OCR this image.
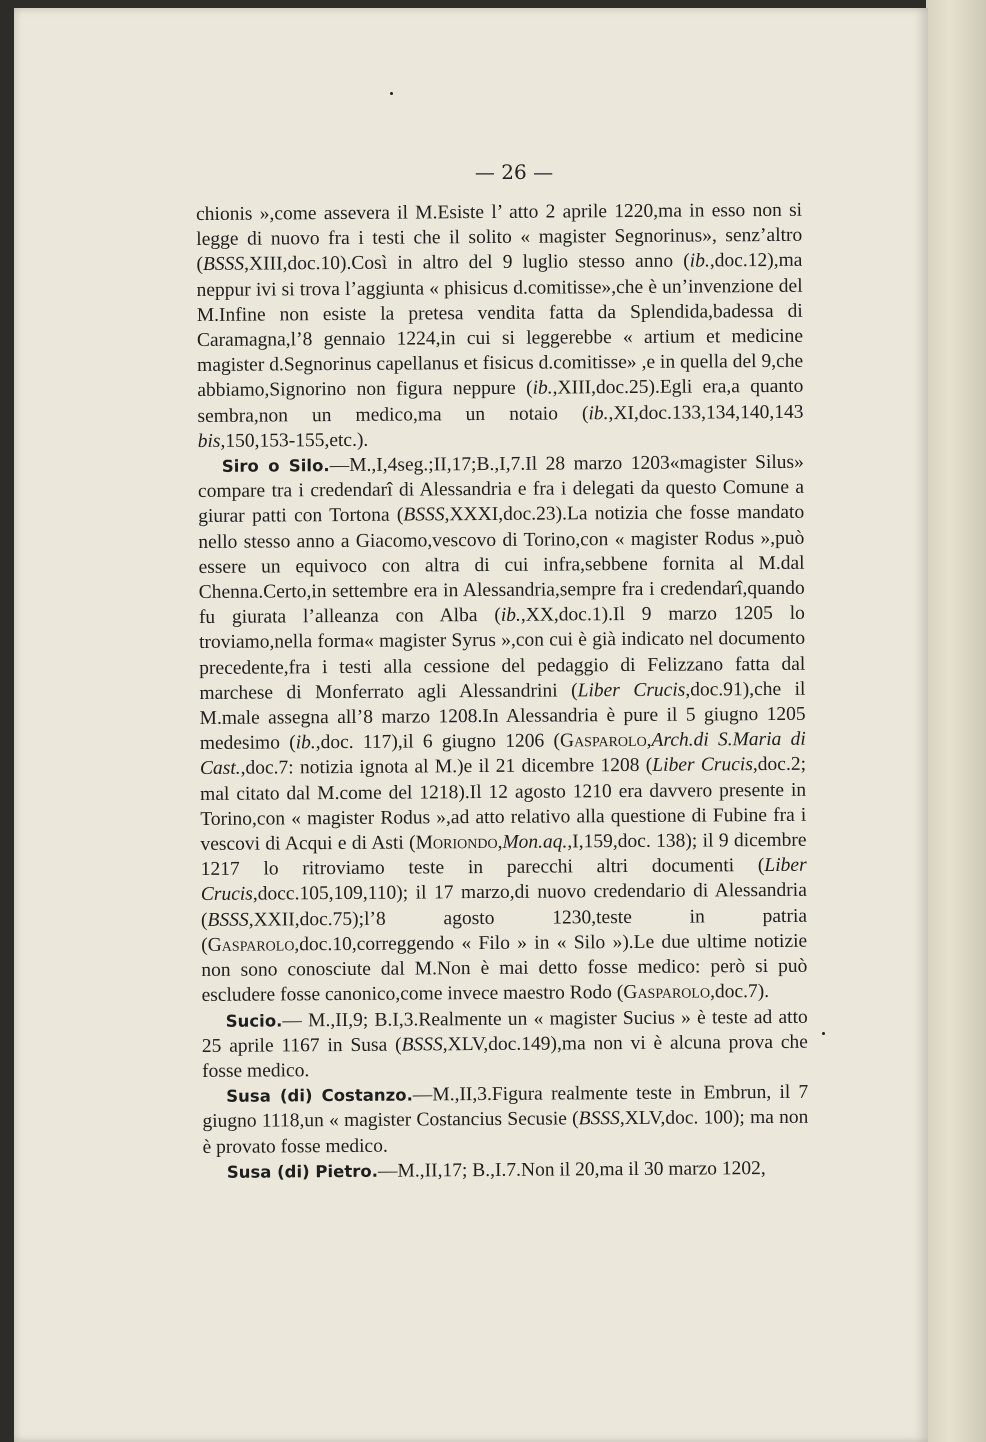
— 26 —

chionis »,come assevera il M.Esiste l’ atto 2 aprile 1220,ma in esso non si legge di nuovo fra i testi che il solito « magister Segnorinus», senz’altro (BSSS,XIII,doc.10).Così in altro del 9 luglio stesso anno (ib.,doc.12),ma neppur ivi si trova l’aggiunta « phisicus d.comitisse»,che è un’invenzione del M.Infine non esiste la pretesa vendita fatta da Splendida,badessa di Caramagna,l’8 gennaio 1224,in cui si leggerebbe « artium et medicine magister d.Segnorinus capellanus et fisicus d.comitisse» ,e in quella del 9,che abbiamo,Signorino non figura neppure (ib.,XIII,doc.25).Egli era,a quanto sembra,non un medico,ma un notaio (ib.,XI,doc.133,134,140,143 bis,150,153-155,etc.).

Siro o Silo.—M.,I,4seg.;II,17;B.,I,7.Il 28 marzo 1203«magister Silus» compare tra i credendarî di Alessandria e fra i delegati da questo Comune a giurar patti con Tortona (BSSS,XXXI,doc.23).La notizia che fosse mandato nello stesso anno a Giacomo,vescovo di Torino,con « magister Rodus »,può essere un equivoco con altra di cui infra,sebbene fornita al M.dal Chenna.Certo,in settembre era in Alessandria,sempre fra i credendarî,quando fu giurata l’alleanza con Alba (ib.,XX,doc.1).Il 9 marzo 1205 lo troviamo,nella forma« magister Syrus »,con cui è già indicato nel documento precedente,fra i testi alla cessione del pedaggio di Felizzano fatta dal marchese di Monferrato agli Alessandrini (Liber Crucis,doc.91),che il M.male assegna all’8 marzo 1208.In Alessandria è pure il 5 giugno 1205 medesimo (ib.,doc. 117),il 6 giugno 1206 (Gasparolo,Arch.di S.Maria di Cast.,doc.7: notizia ignota al M.)e il 21 dicembre 1208 (Liber Crucis,doc.2; mal citato dal M.come del 1218).Il 12 agosto 1210 era davvero presente in Torino,con « magister Rodus »,ad atto relativo alla questione di Fubine fra i vescovi di Acqui e di Asti (Moriondo,Mon.aq.,I,159,doc. 138); il 9 dicembre 1217 lo ritroviamo teste in parecchi altri documenti (Liber Crucis,docc.105,109,110); il 17 marzo,di nuovo credendario di Alessandria (BSSS,XXII,doc.75);l’8 agosto 1230,teste in patria (Gasparolo,doc.10,correggendo « Filo » in « Silo »).Le due ultime notizie non sono conosciute dal M.Non è mai detto fosse medico: però si può escludere fosse canonico,come invece maestro Rodo (Gasparolo,doc.7).

Sucio.— M.,II,9; B.I,3.Realmente un « magister Sucius » è teste ad atto 25 aprile 1167 in Susa (BSSS,XLV,doc.149),ma non vi è alcuna prova che fosse medico.

Susa (di) Costanzo.—M.,II,3.Figura realmente teste in Embrun, il 7 giugno 1118,un « magister Costancius Secusie (BSSS,XLV,doc. 100); ma non è provato fosse medico.

Susa (di) Pietro.—M.,II,17; B.,I.7.Non il 20,ma il 30 marzo 1202,
